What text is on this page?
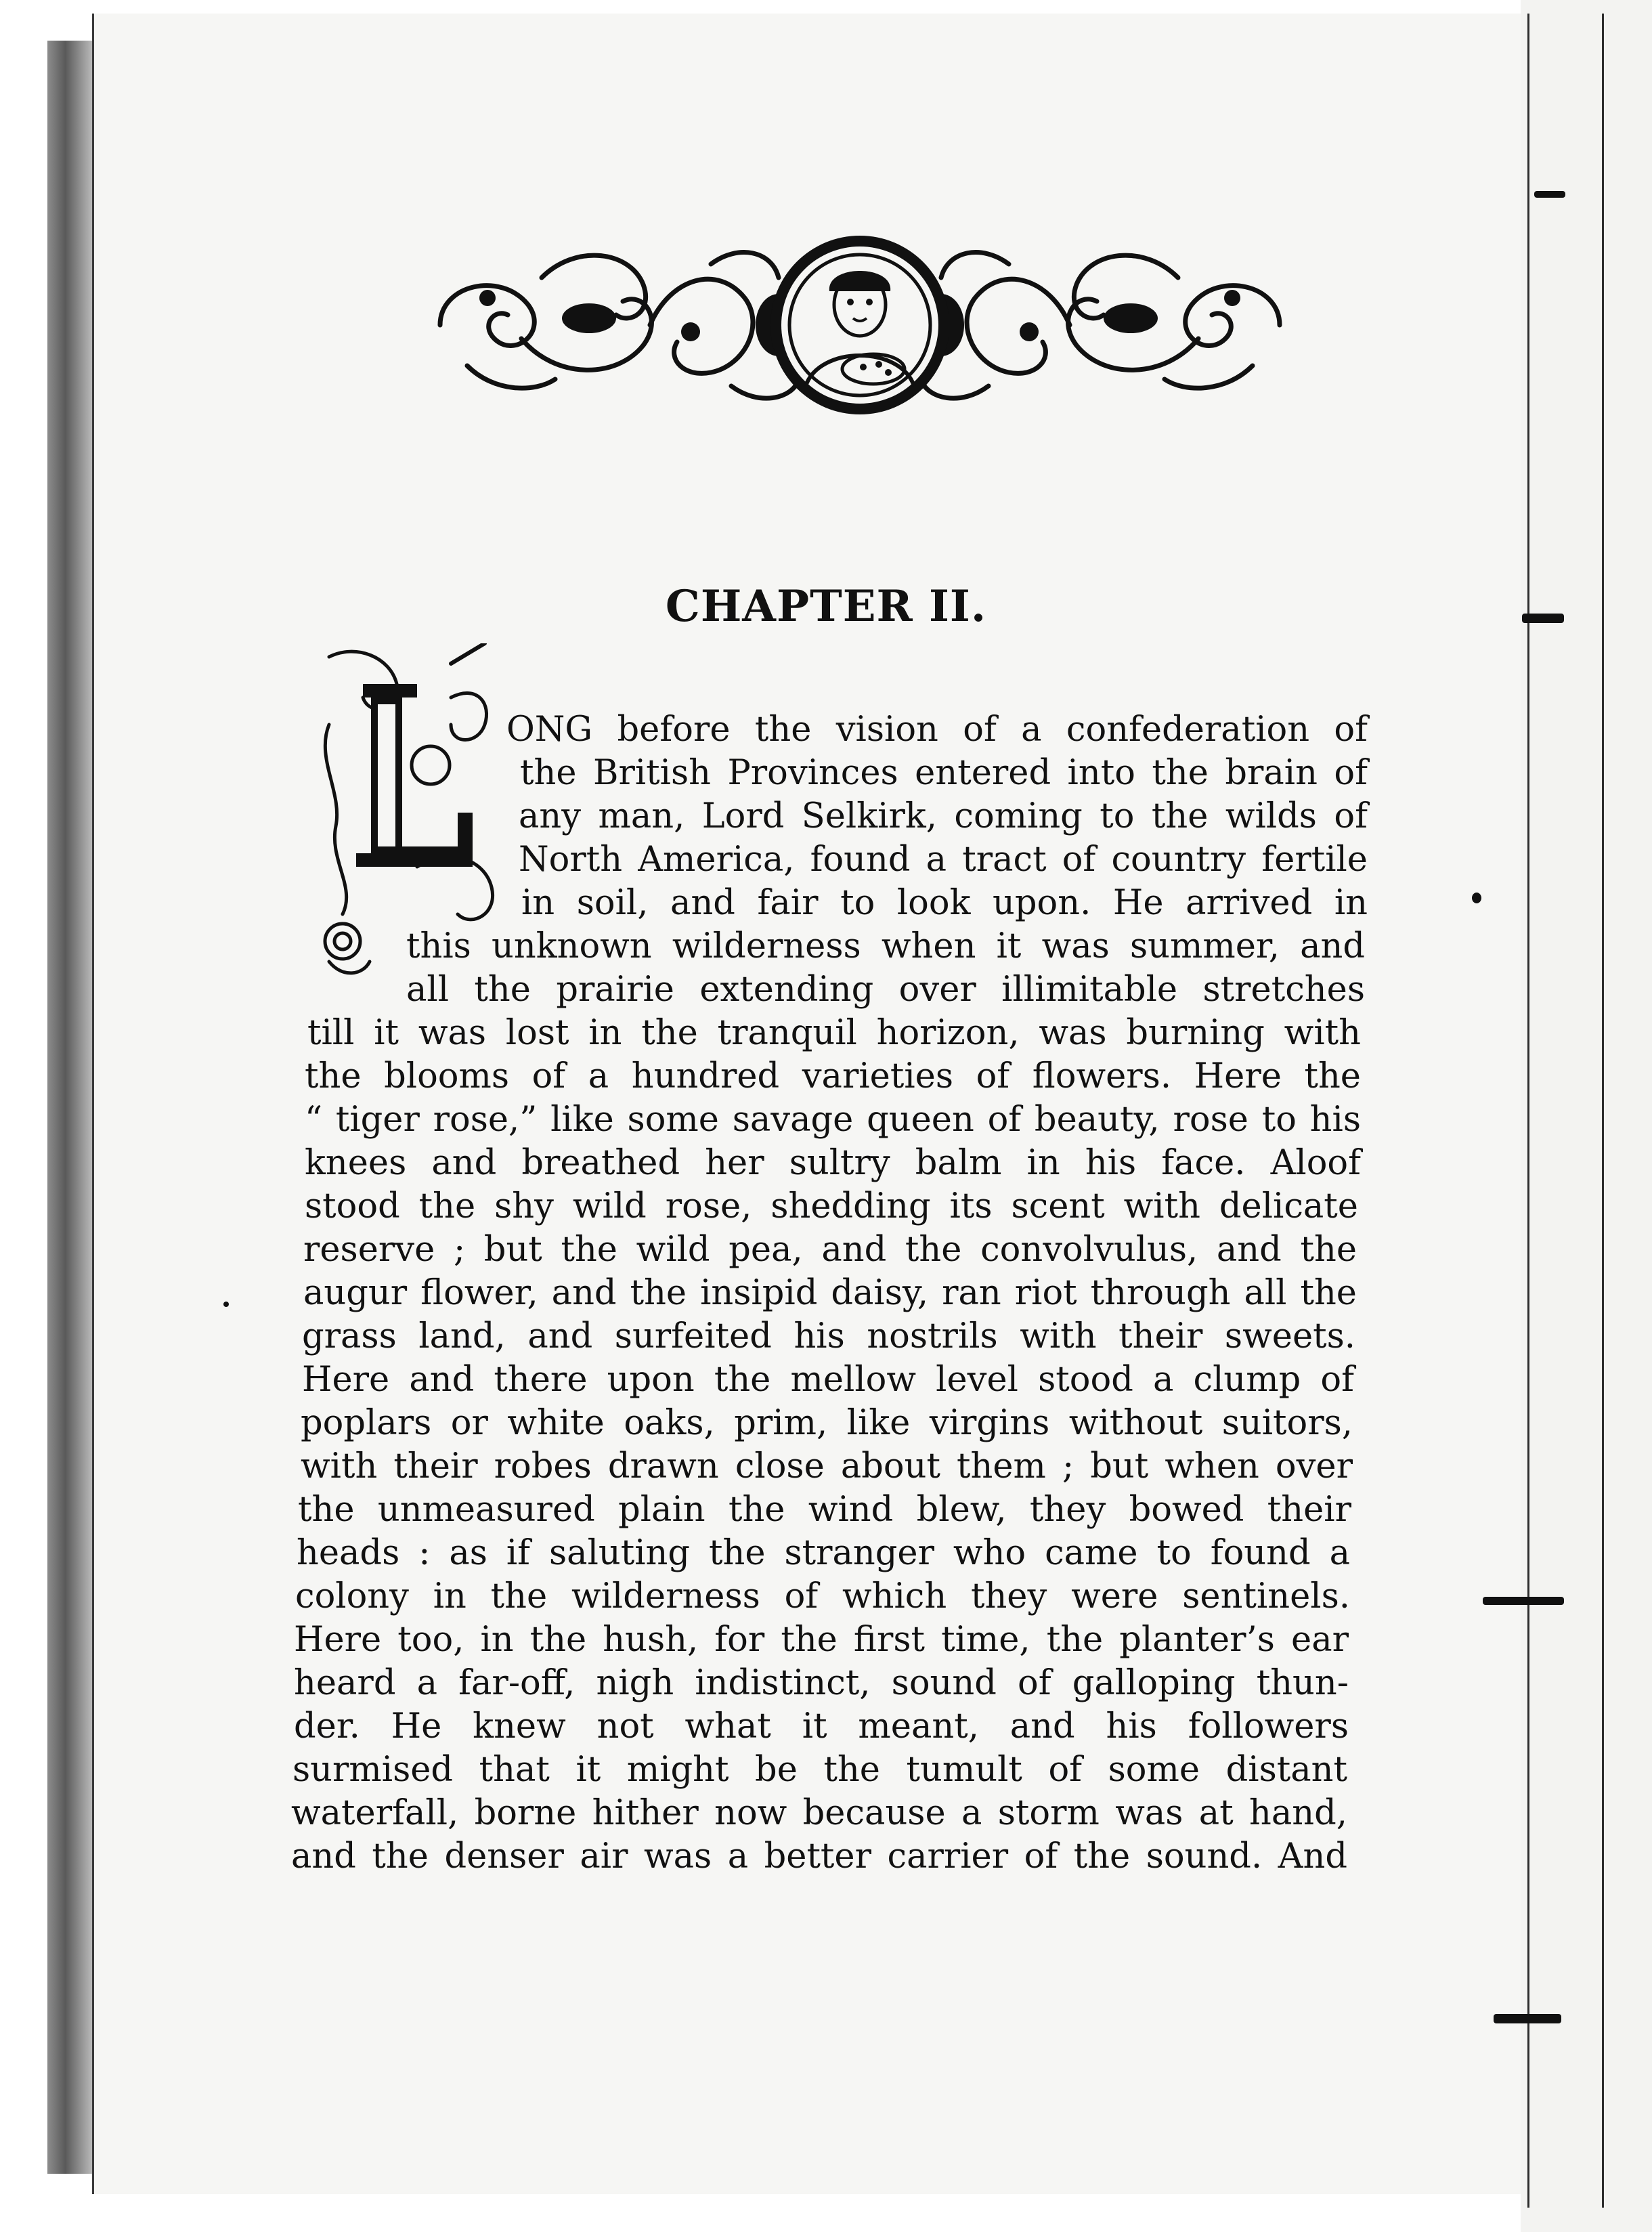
CHAPTER II.
ONG before the vision of a confederation of
the British Provinces entered into the brain of
any man, Lord Selkirk, coming to the wilds of
North America, found a tract of country fertile
in soil, and fair to look upon. He arrived in
this unknown wilderness when it was summer, and
all the prairie extending over illimitable stretches
till it was lost in the tranquil horizon, was burning with
the blooms of a hundred varieties of flowers. Here the
“ tiger rose,” like some savage queen of beauty, rose to his
knees and breathed her sultry balm in his face. Aloof
stood the shy wild rose, shedding its scent with delicate
reserve ; but the wild pea, and the convolvulus, and the
augur flower, and the insipid daisy, ran riot through all the
grass land, and surfeited his nostrils with their sweets.
Here and there upon the mellow level stood a clump of
poplars or white oaks, prim, like virgins without suitors,
with their robes drawn close about them ; but when over
the unmeasured plain the wind blew, they bowed their
heads : as if saluting the stranger who came to found a
colony in the wilderness of which they were sentinels.
Here too, in the hush, for the first time, the planter’s ear
heard a far-off, nigh indistinct, sound of galloping thun-
der. He knew not what it meant, and his followers
surmised that it might be the tumult of some distant
waterfall, borne hither now because a storm was at hand,
and the denser air was a better carrier of the sound. And
